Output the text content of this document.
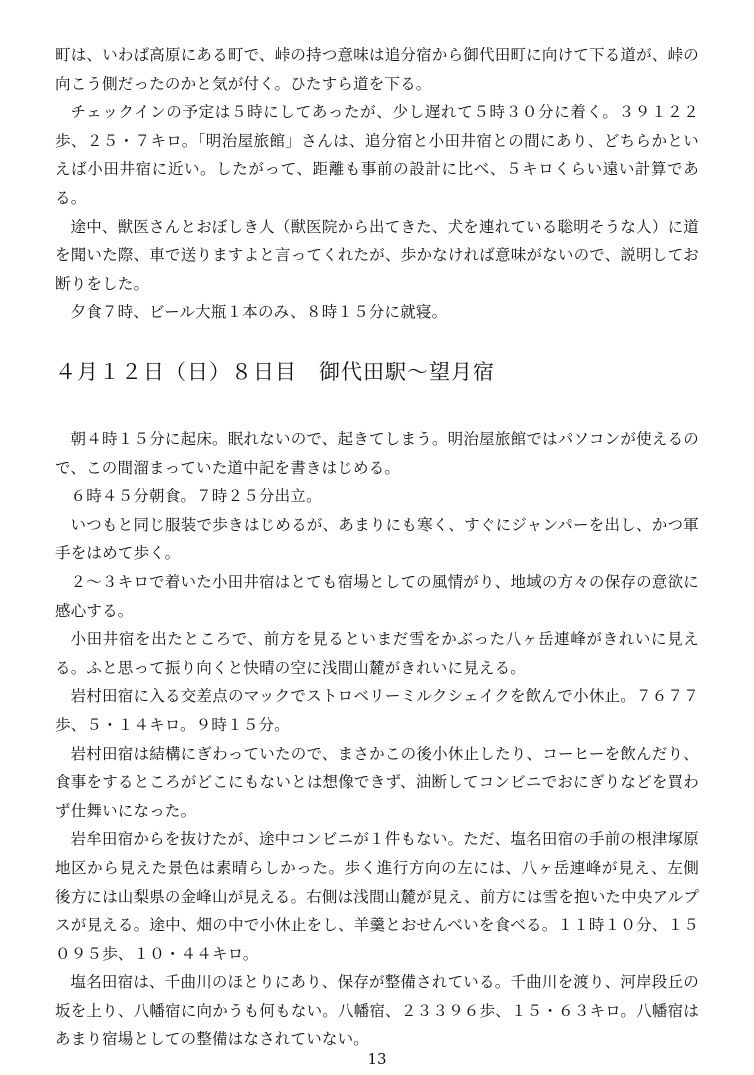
町は、いわば高原にある町で、峠の持つ意味は追分宿から御代田町に向けて下る道が、峠の向こう側だったのかと気が付く。ひたすら道を下る。

チェックインの予定は５時にしてあったが、少し遅れて５時３０分に着く。３９１２２歩、２５・７キロ。「明治屋旅館」さんは、追分宿と小田井宿との間にあり、どちらかといえば小田井宿に近い。したがって、距離も事前の設計に比べ、５キロくらい遠い計算である。

途中、獣医さんとおぼしき人（獣医院から出てきた、犬を連れている聡明そうな人）に道を聞いた際、車で送りますよと言ってくれたが、歩かなければ意味がないので、説明してお断りをした。

夕食７時、ビール大瓶１本のみ、８時１５分に就寝。

４月１２日（日）８日目　御代田駅～望月宿

朝４時１５分に起床。眠れないので、起きてしまう。明治屋旅館ではパソコンが使えるので、この間溜まっていた道中記を書きはじめる。

６時４５分朝食。７時２５分出立。

いつもと同じ服装で歩きはじめるが、あまりにも寒く、すぐにジャンパーを出し、かつ軍手をはめて歩く。

２～３キロで着いた小田井宿はとても宿場としての風情がり、地域の方々の保存の意欲に感心する。

小田井宿を出たところで、前方を見るといまだ雪をかぶった八ヶ岳連峰がきれいに見える。ふと思って振り向くと快晴の空に浅間山麓がきれいに見える。

岩村田宿に入る交差点のマックでストロベリーミルクシェイクを飲んで小休止。７６７７歩、５・１４キロ。９時１５分。

岩村田宿は結構にぎわっていたので、まさかこの後小休止したり、コーヒーを飲んだり、食事をするところがどこにもないとは想像できず、油断してコンビニでおにぎりなどを買わず仕舞いになった。

岩牟田宿からを抜けたが、途中コンビニが１件もない。ただ、塩名田宿の手前の根津塚原地区から見えた景色は素晴らしかった。歩く進行方向の左には、八ヶ岳連峰が見え、左側後方には山梨県の金峰山が見える。右側は浅間山麓が見え、前方には雪を抱いた中央アルプスが見える。途中、畑の中で小休止をし、羊羹とおせんべいを食べる。１１時１０分、１５０９５歩、１０・４４キロ。

塩名田宿は、千曲川のほとりにあり、保存が整備されている。千曲川を渡り、河岸段丘の坂を上り、八幡宿に向かうも何もない。八幡宿、２３３９６歩、１５・６３キロ。八幡宿はあまり宿場としての整備はなされていない。

13
